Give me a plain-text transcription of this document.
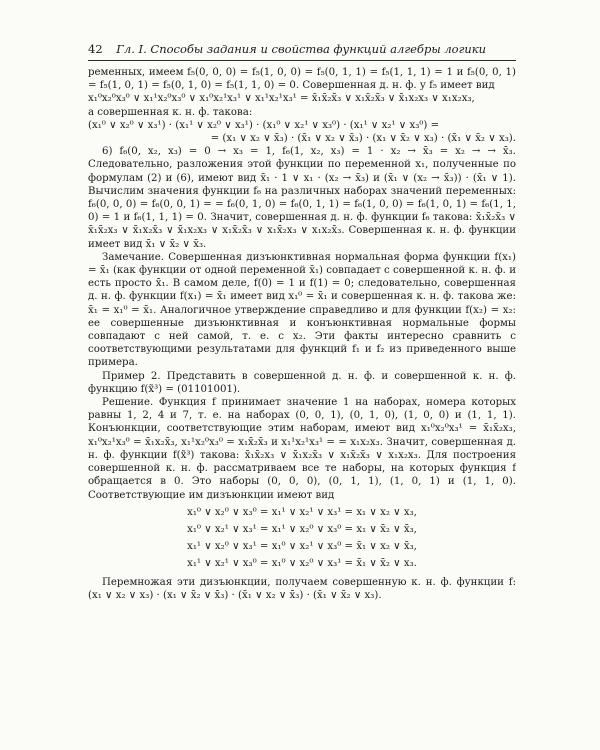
42 Гл. I. Способы задания и свойства функций алгебры логики

ременных, имеем f₅(0, 0, 0) = f₅(1, 0, 0) = f₅(0, 1, 1) = f₅(1, 1, 1) = 1 и f₅(0, 0, 1) = f₅(1, 0, 1) = f₅(0, 1, 0) = f₅(1, 1, 0) = 0. Совершенная д. н. ф. у f₅ имеет вид

x₁⁰x₂⁰x₃⁰ ∨ x₁¹x₂⁰x₃⁰ ∨ x₁⁰x₂¹x₃¹ ∨ x₁¹x₂¹x₃¹ = x̄₁x̄₂x̄₃ ∨ x₁x̄₂x̄₃ ∨ x̄₁x₂x₃ ∨ x₁x₂x₃,

а совершенная к. н. ф. такова:

(x₁⁰ ∨ x₂⁰ ∨ x₃¹) · (x₁¹ ∨ x₂⁰ ∨ x₃¹) · (x₁⁰ ∨ x₂¹ ∨ x₃⁰) · (x₁¹ ∨ x₂¹ ∨ x₃⁰) =

= (x₁ ∨ x₂ ∨ x̄₃) · (x̄₁ ∨ x₂ ∨ x̄₃) · (x₁ ∨ x̄₂ ∨ x₃) · (x̄₁ ∨ x̄₂ ∨ x₃).

6) f₆(0, x₂, x₃) = 0 → x₃ = 1, f₆(1, x₂, x₃) = 1 · x₂ → x̄₃ = x₂ → → x̄₃. Следовательно, разложения этой функции по переменной x₁, полученные по формулам (2) и (6), имеют вид x̄₁ · 1 ∨ x₁ · (x₂ → x̄₃) и (x̄₁ ∨ (x₂ → x̄₃)) · (x̄₁ ∨ 1). Вычислим значения функции f₆ на различных наборах значений переменных: f₆(0, 0, 0) = f₆(0, 0, 1) = = f₆(0, 1, 0) = f₆(0, 1, 1) = f₆(1, 0, 0) = f₆(1, 0, 1) = f₆(1, 1, 0) = 1 и f₆(1, 1, 1) = 0. Значит, совершенная д. н. ф. функции f₆ такова: x̄₁x̄₂x̄₃ ∨ x̄₁x̄₂x₃ ∨ x̄₁x₂x̄₃ ∨ x̄₁x₂x₃ ∨ x₁x̄₂x̄₃ ∨ x₁x̄₂x₃ ∨ x₁x₂x̄₃. Совершенная к. н. ф. функции имеет вид x̄₁ ∨ x̄₂ ∨ x̄₃.

Замечание. Совершенная дизъюнктивная нормальная форма функции f(x₁) = x̄₁ (как функции от одной переменной x̄₁) совпадает с совершенной к. н. ф. и есть просто x̄₁. В самом деле, f(0) = 1 и f(1) = 0; следовательно, совершенная д. н. ф. функции f(x₁) = x̄₁ имеет вид x₁⁰ = x̄₁ и совершенная к. н. ф. такова же: x̄₁ = x₁⁰ = x̄₁. Аналогичное утверждение справедливо и для функции f(x₂) = x₂: ее совершенные дизъюнктивная и конъюнктивная нормальные формы совпадают с ней самой, т. е. с x₂. Эти факты интересно сравнить с соответствующими результатами для функций f₁ и f₂ из приведенного выше примера.

Пример 2. Представить в совершенной д. н. ф. и совершенной к. н. ф. функцию f(x̃³) = (01101001).

Решение. Функция f принимает значение 1 на наборах, номера которых равны 1, 2, 4 и 7, т. е. на наборах (0, 0, 1), (0, 1, 0), (1, 0, 0) и (1, 1, 1). Конъюнкции, соответствующие этим наборам, имеют вид x₁⁰x₂⁰x₃¹ = x̄₁x̄₂x₃, x₁⁰x₂¹x₃⁰ = x̄₁x₂x̄₃, x₁¹x₂⁰x₃⁰ = x₁x̄₂x̄₃ и x₁¹x₂¹x₃¹ = = x₁x₂x₃. Значит, совершенная д. н. ф. функции f(x̃³) такова: x̄₁x̄₂x₃ ∨ x̄₁x₂x̄₃ ∨ x₁x̄₂x̄₃ ∨ x₁x₂x₃. Для построения совершенной к. н. ф. рассматриваем все те наборы, на которых функция f обращается в 0. Это наборы (0, 0, 0), (0, 1, 1), (1, 0, 1) и (1, 1, 0). Соответствующие им дизъюнкции имеют вид

x₁⁰ ∨ x₂⁰ ∨ x₃⁰ = x₁¹ ∨ x₂¹ ∨ x₃¹ = x₁ ∨ x₂ ∨ x₃,

x₁⁰ ∨ x₂¹ ∨ x₃¹ = x₁¹ ∨ x₂⁰ ∨ x₃⁰ = x₁ ∨ x̄₂ ∨ x̄₃,

x₁¹ ∨ x₂⁰ ∨ x₃¹ = x₁⁰ ∨ x₂¹ ∨ x₃⁰ = x̄₁ ∨ x₂ ∨ x̄₃,

x₁¹ ∨ x₂¹ ∨ x₃⁰ = x₁⁰ ∨ x₂⁰ ∨ x₃¹ = x̄₁ ∨ x̄₂ ∨ x₃.

Перемножая эти дизъюнкции, получаем совершенную к. н. ф. функции f: (x₁ ∨ x₂ ∨ x₃) · (x₁ ∨ x̄₂ ∨ x̄₃) · (x̄₁ ∨ x₂ ∨ x̄₃) · (x̄₁ ∨ x̄₂ ∨ x₃).
